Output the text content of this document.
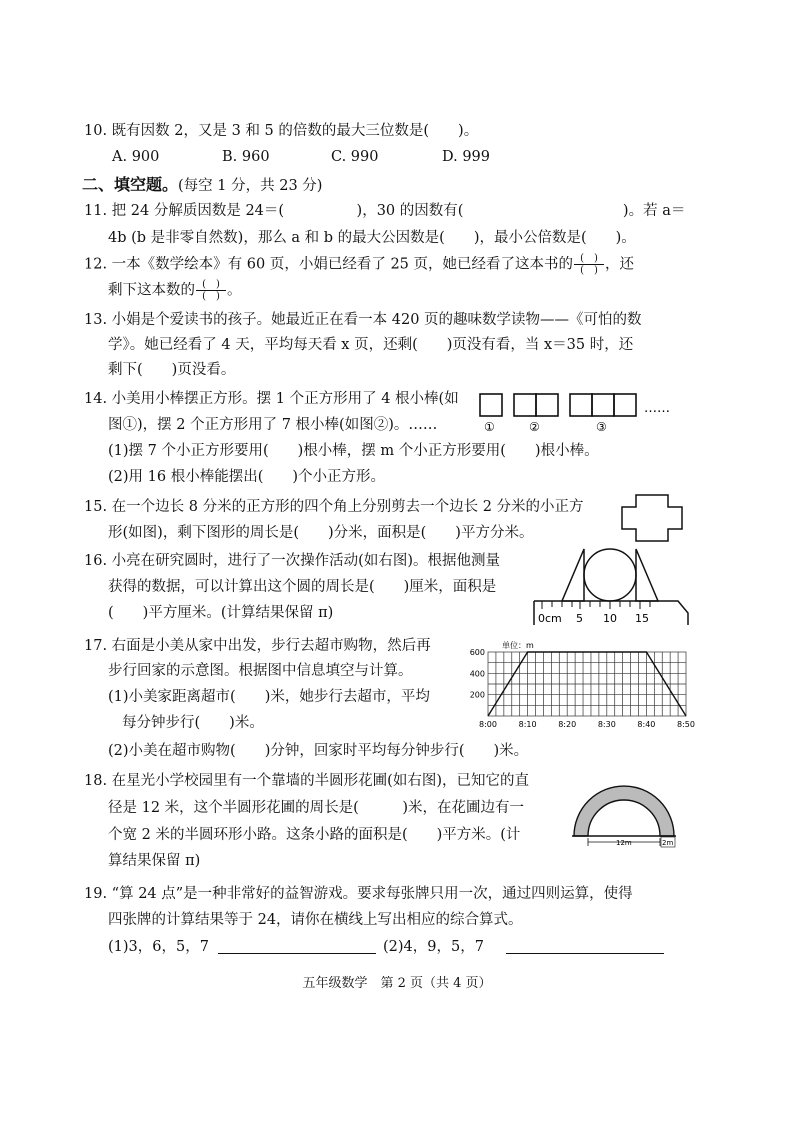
10. 既有因数 2，又是 3 和 5 的倍数的最大三位数是(　　)。
A. 900	B. 960	C. 990	D. 999
二、填空题。(每空 1 分，共 23 分)
11. 把 24 分解质因数是 24＝(　　　　　)，30 的因数有(　　　　　　　　　　　)。若 a＝
4b (b 是非零自然数)，那么 a 和 b 的最大公因数是(　　)，最小公倍数是(　　)。
12. 一本《数学绘本》有 60 页，小娟已经看了 25 页，她已经看了这本书的$\frac{( )}{( )}$，还
剩下这本数的$\frac{( )}{( )}$。
13. 小娟是个爱读书的孩子。她最近正在看一本 420 页的趣味数学读物——《可怕的数
学》。她已经看了 4 天，平均每天看 x 页，还剩(　　)页没有看，当 x＝35 时，还
剩下(　　)页没看。
14. 小美用小棒摆正方形。摆 1 个正方形用了 4 根小棒(如
图①)，摆 2 个正方形用了 7 根小棒(如图②)。……
(1)摆 7 个小正方形要用(　　)根小棒，摆 m 个小正方形要用(　　)根小棒。
(2)用 16 根小棒能摆出(　　)个小正方形。
①	②	③
……
15. 在一个边长 8 分米的正方形的四个角上分别剪去一个边长 2 分米的小正方
形(如图)，剩下图形的周长是(　　)分米，面积是(　　)平方分米。
16. 小亮在研究圆时，进行了一次操作活动(如右图)。根据他测量
获得的数据，可以计算出这个圆的周长是(　　)厘米，面积是
(　　)平方厘米。(计算结果保留 π)	0cm 5 10 15
17. 右面是小美从家中出发，步行去超市购物，然后再
步行回家的示意图。根据图中信息填空与计算。
(1)小美家距离超市(　　)米，她步行去超市，平均
每分钟步行(　　)米。
(2)小美在超市购物(　　)分钟，回家时平均每分钟步行(　　)米。
单位：m
200
400
600
8:00	8:10	8:20	8:30	8:40	8:50
18. 在星光小学校园里有一个靠墙的半圆形花圃(如右图)，已知它的直
径是 12 米，这个半圆形花圃的周长是(　　　)米，在花圃边有一
个宽 2 米的半圆环形小路。这条小路的面积是(　　)平方米。(计
算结果保留 π)
12m	2m
19. “算 24 点”是一种非常好的益智游戏。要求每张牌只用一次，通过四则运算，使得
四张牌的计算结果等于 24，请你在横线上写出相应的综合算式。
(1)3，6，5，7	(2)4，9，5，7
五年级数学　第 2 页（共 4 页）
